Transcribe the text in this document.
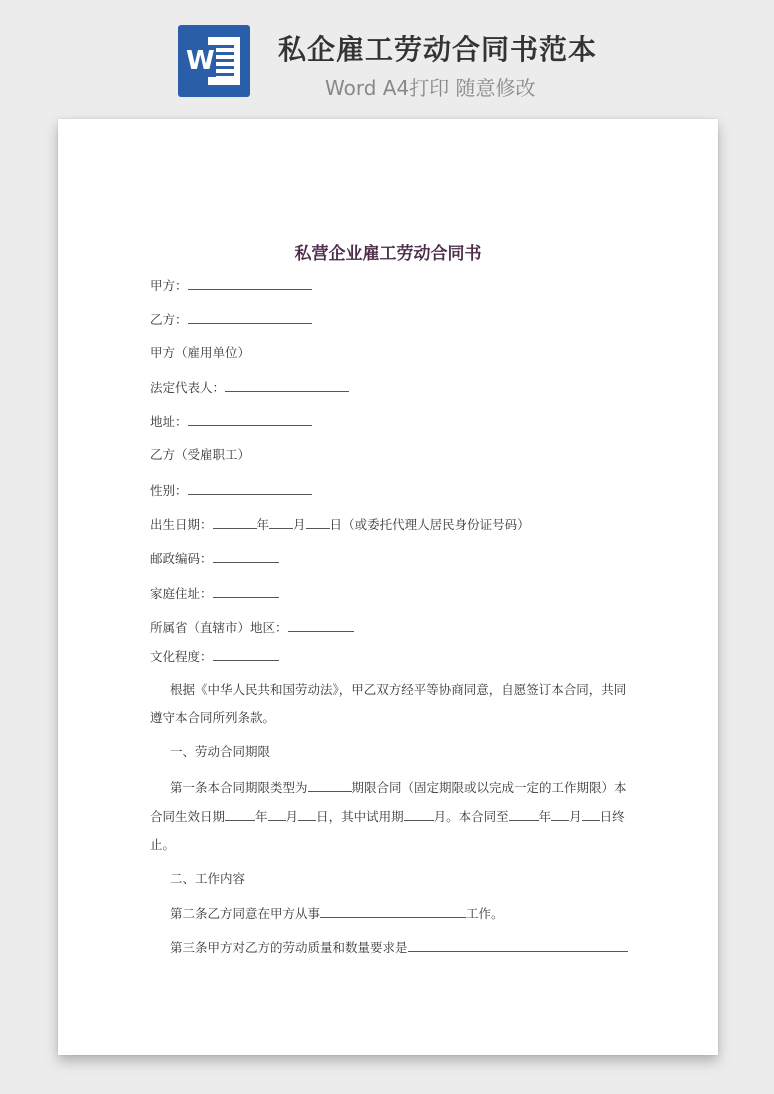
W 私企雇工劳动合同书范本
Word A4打印 随意修改
私营企业雇工劳动合同书
甲方：
乙方：
甲方（雇用单位）
法定代表人：
地址：
乙方（受雇职工）
性别：
出生日期：	年 月 日（或委托代理人居民身份证号码）
邮政编码：
家庭住址：
所属省（直辖市）地区：
文化程度：
根据《中华人民共和国劳动法》，甲乙双方经平等协商同意，自愿签订本合同，共同
遵守本合同所列条款。
一、劳动合同期限
第一条本合同期限类型为	期限合同（固定期限或以完成一定的工作期限）本
合同生效日期 年 月 日，其中试用期 月。本合同至 年 月 日终
止。
二、工作内容
第二条乙方同意在甲方从事	工作。
第三条甲方对乙方的劳动质量和数量要求是
